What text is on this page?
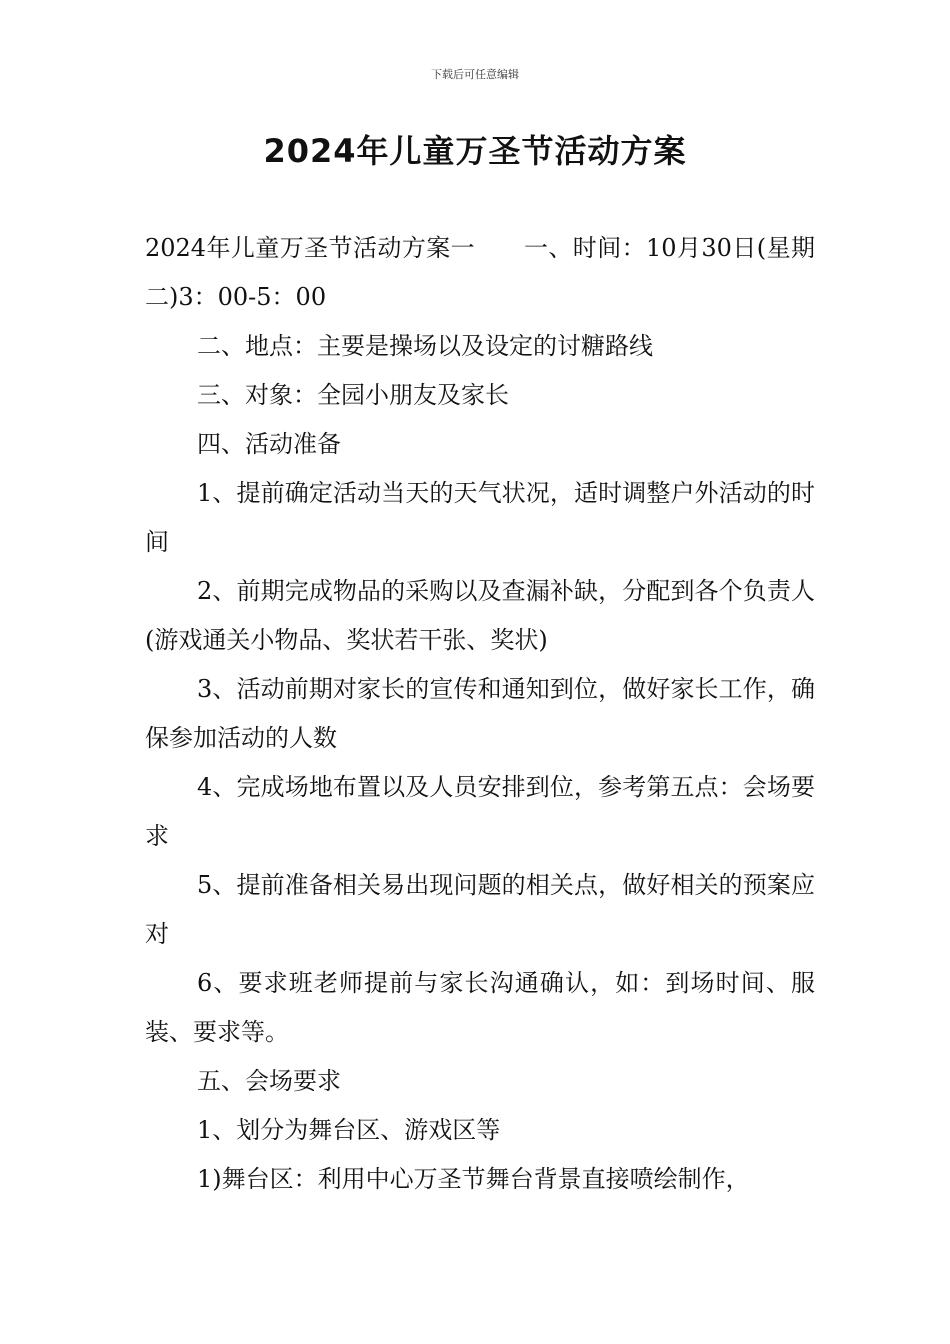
下载后可任意编辑
2024年儿童万圣节活动方案

2024年儿童万圣节活动方案一　　一、时间：10月30日(星期二)3：00-5：00

二、地点：主要是操场以及设定的讨糖路线

三、对象：全园小朋友及家长

四、活动准备

1、提前确定活动当天的天气状况，适时调整户外活动的时间

2、前期完成物品的采购以及查漏补缺，分配到各个负责人(游戏通关小物品、奖状若干张、奖状)

3、活动前期对家长的宣传和通知到位，做好家长工作，确保参加活动的人数

4、完成场地布置以及人员安排到位，参考第五点：会场要求

5、提前准备相关易出现问题的相关点，做好相关的预案应对

6、要求班老师提前与家长沟通确认，如：到场时间、服装、要求等。

五、会场要求

1、划分为舞台区、游戏区等

1)舞台区：利用中心万圣节舞台背景直接喷绘制作，
